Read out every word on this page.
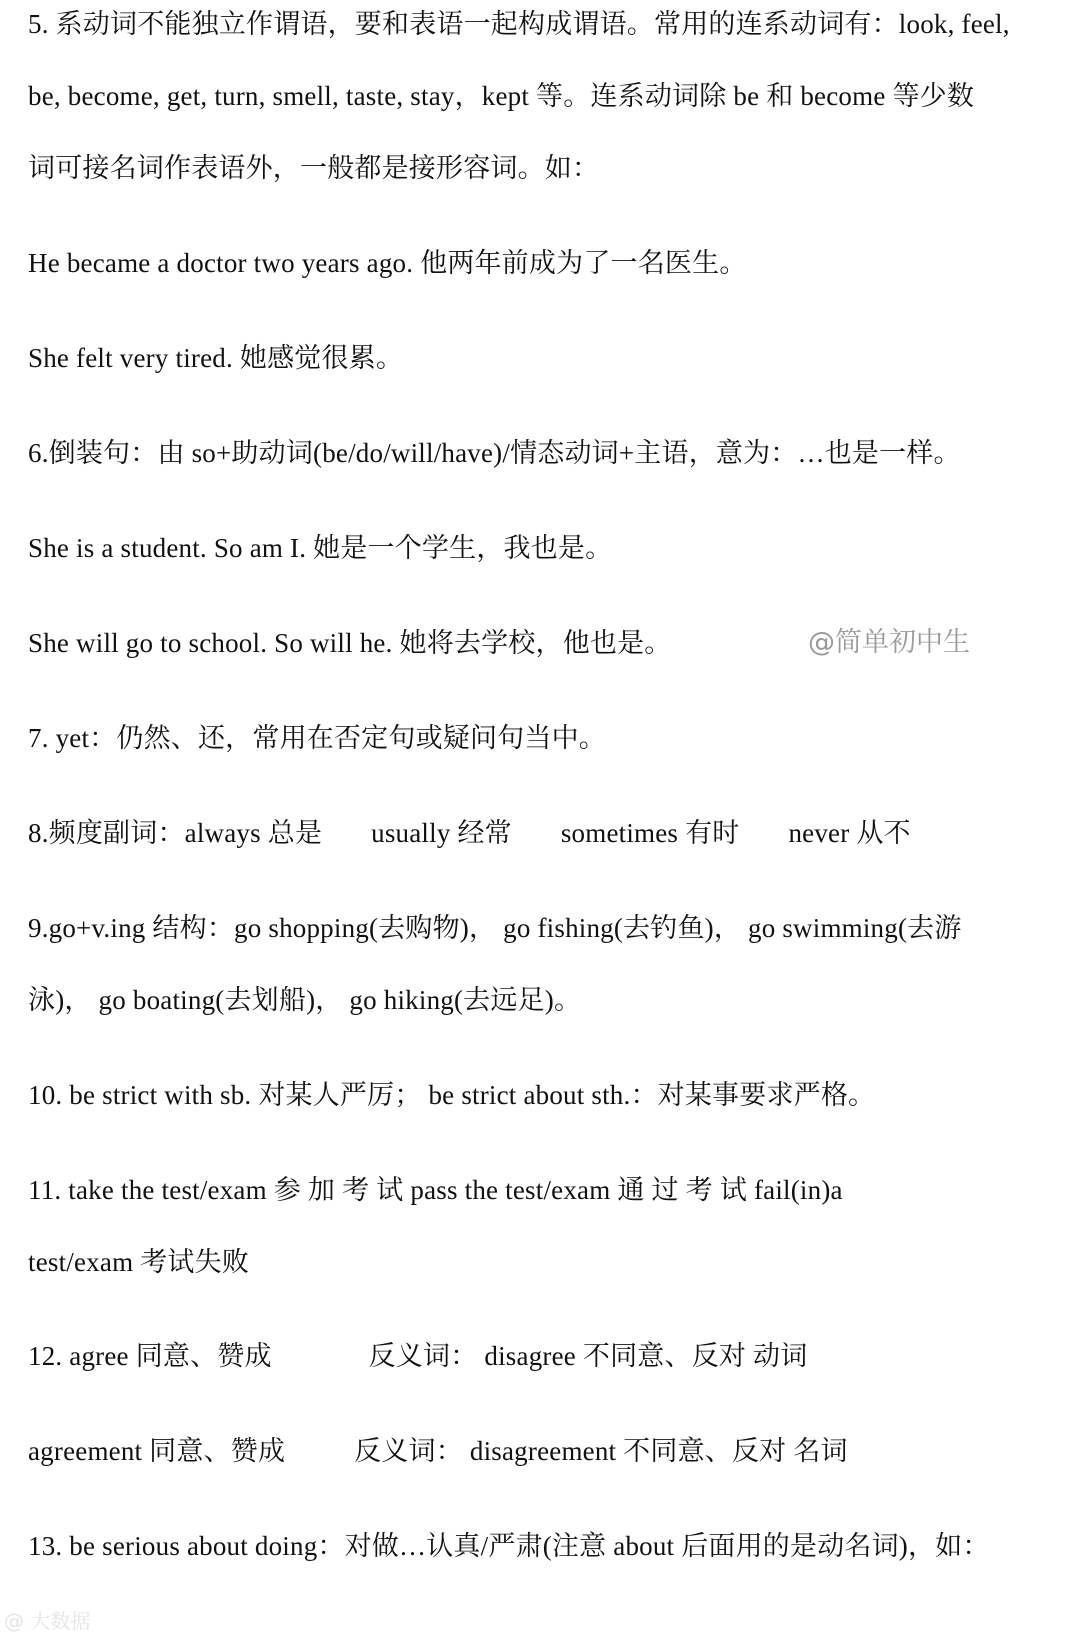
5. 系动词不能独立作谓语，要和表语一起构成谓语。常用的连系动词有：look, feel,
be, become, get, turn, smell, taste, stay，kept 等。连系动词除 be 和 become 等少数
词可接名词作表语外，一般都是接形容词。如：
He became a doctor two years ago. 他两年前成为了一名医生。
She felt very tired. 她感觉很累。
6.倒装句：由 so+助动词(be/do/will/have)/情态动词+主语，意为：…也是一样。
She is a student. So am I. 她是一个学生，我也是。
She will go to school. So will he. 她将去学校，他也是。	@简单初中生
7. yet：仍然、还，常用在否定句或疑问句当中。
8.频度副词：always 总是 usually 经常 sometimes 有时 never 从不
9.go+v.ing 结构：go shopping(去购物)， go fishing(去钓鱼)， go swimming(去游
泳)， go boating(去划船)， go hiking(去远足)。
10. be strict with sb. 对某人严厉； be strict about sth.：对某事要求严格。
11. take the test/exam 参 加 考 试 pass the test/exam 通 过 考 试 fail(in)a
test/exam 考试失败
12. agree 同意、赞成	反义词： disagree 不同意、反对 动词
agreement 同意、赞成	反义词： disagreement 不同意、反对 名词
13. be serious about doing：对做…认真/严肃(注意 about 后面用的是动名词)，如：
@ 大数据
